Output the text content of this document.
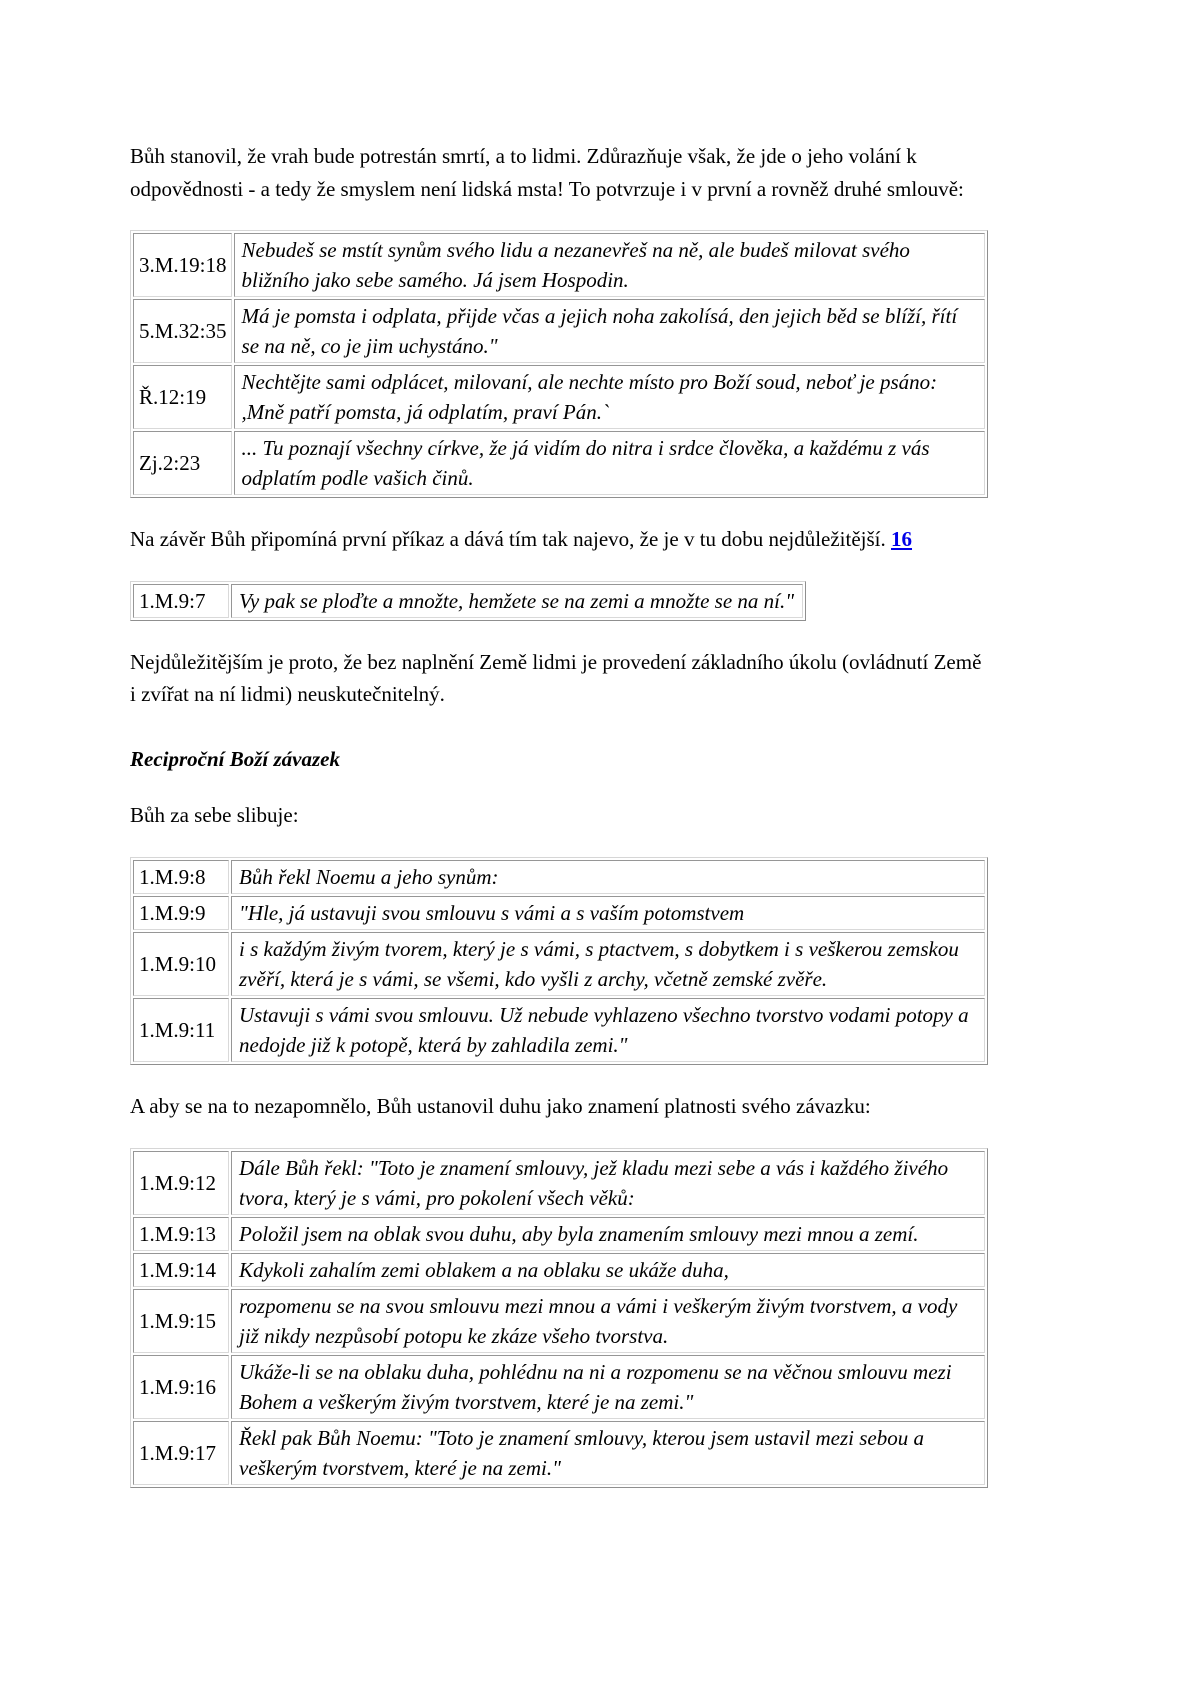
Bůh stanovil, že vrah bude potrestán smrtí, a to lidmi. Zdůrazňuje však, že jde o jeho volání k odpovědnosti - a tedy že smyslem není lidská msta! To potvrzuje i v první a rovněž druhé smlouvě:

3.M.19:18	Nebudeš se mstít synům svého lidu a nezanevřeš na ně, ale budeš milovat svého bližního jako sebe samého. Já jsem Hospodin.
5.M.32:35	Má je pomsta i odplata, přijde včas a jejich noha zakolísá, den jejich běd se blíží, řítí se na ně, co je jim uchystáno."
Ř.12:19	Nechtějte sami odplácet, milovaní, ale nechte místo pro Boží soud, neboť je psáno: ,Mně patří pomsta, já odplatím, praví Pán.`
Zj.2:23	... Tu poznají všechny církve, že já vidím do nitra i srdce člověka, a každému z vás odplatím podle vašich činů.

Na závěr Bůh připomíná první příkaz a dává tím tak najevo, že je v tu dobu nejdůležitější. 16

1.M.9:7	Vy pak se ploďte a množte, hemžete se na zemi a množte se na ní."

Nejdůležitějším je proto, že bez naplnění Země lidmi je provedení základního úkolu (ovládnutí Země i zvířat na ní lidmi) neuskutečnitelný.

Reciproční Boží závazek

Bůh za sebe slibuje:

1.M.9:8	Bůh řekl Noemu a jeho synům:
1.M.9:9	"Hle, já ustavuji svou smlouvu s vámi a s vaším potomstvem
1.M.9:10	i s každým živým tvorem, který je s vámi, s ptactvem, s dobytkem i s veškerou zemskou zvěří, která je s vámi, se všemi, kdo vyšli z archy, včetně zemské zvěře.
1.M.9:11	Ustavuji s vámi svou smlouvu. Už nebude vyhlazeno všechno tvorstvo vodami potopy a nedojde již k potopě, která by zahladila zemi."

A aby se na to nezapomnělo, Bůh ustanovil duhu jako znamení platnosti svého závazku:

1.M.9:12	Dále Bůh řekl: "Toto je znamení smlouvy, jež kladu mezi sebe a vás i každého živého tvora, který je s vámi, pro pokolení všech věků:
1.M.9:13	Položil jsem na oblak svou duhu, aby byla znamením smlouvy mezi mnou a zemí.
1.M.9:14	Kdykoli zahalím zemi oblakem a na oblaku se ukáže duha,
1.M.9:15	rozpomenu se na svou smlouvu mezi mnou a vámi i veškerým živým tvorstvem, a vody již nikdy nezpůsobí potopu ke zkáze všeho tvorstva.
1.M.9:16	Ukáže-li se na oblaku duha, pohlédnu na ni a rozpomenu se na věčnou smlouvu mezi Bohem a veškerým živým tvorstvem, které je na zemi."
1.M.9:17	Řekl pak Bůh Noemu: "Toto je znamení smlouvy, kterou jsem ustavil mezi sebou a veškerým tvorstvem, které je na zemi."
